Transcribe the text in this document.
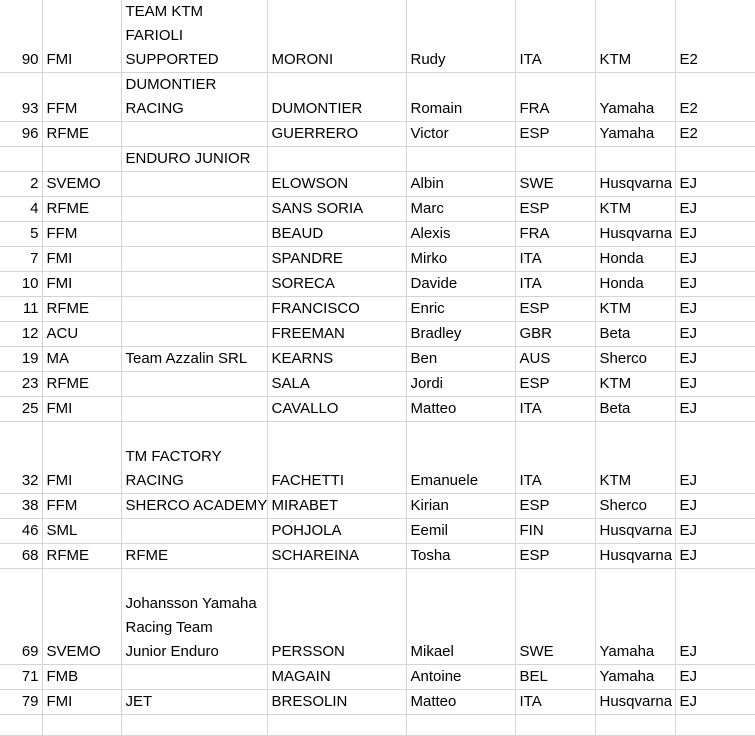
90	FMI	TEAM KTM
FARIOLI
SUPPORTED	MORONI	Rudy	ITA	KTM	E2
93	FFM	DUMONTIER
RACING	DUMONTIER	Romain	FRA	Yamaha	E2
96	RFME		GUERRERO	Victor	ESP	Yamaha	E2

		ENDURO JUNIOR					

2	SVEMO		ELOWSON	Albin	SWE	Husqvarna	EJ
4	RFME		SANS SORIA	Marc	ESP	KTM	EJ
5	FFM		BEAUD	Alexis	FRA	Husqvarna	EJ
7	FMI		SPANDRE	Mirko	ITA	Honda	EJ
10	FMI		SORECA	Davide	ITA	Honda	EJ
11	RFME		FRANCISCO	Enric	ESP	KTM	EJ
12	ACU		FREEMAN	Bradley	GBR	Beta	EJ
19	MA	Team Azzalin SRL	KEARNS	Ben	AUS	Sherco	EJ
23	RFME		SALA	Jordi	ESP	KTM	EJ
25	FMI		CAVALLO	Matteo	ITA	Beta	EJ
32	FMI	TM FACTORY
RACING	FACHETTI	Emanuele	ITA	KTM	EJ
38	FFM	SHERCO ACADEMY	MIRABET	Kirian	ESP	Sherco	EJ
46	SML		POHJOLA	Eemil	FIN	Husqvarna	EJ
68	RFME	RFME	SCHAREINA	Tosha	ESP	Husqvarna	EJ
69	SVEMO	Johansson Yamaha
Racing Team
Junior Enduro	PERSSON	Mikael	SWE	Yamaha	EJ
71	FMB		MAGAIN	Antoine	BEL	Yamaha	EJ
79	FMI	JET	BRESOLIN	Matteo	ITA	Husqvarna	EJ
